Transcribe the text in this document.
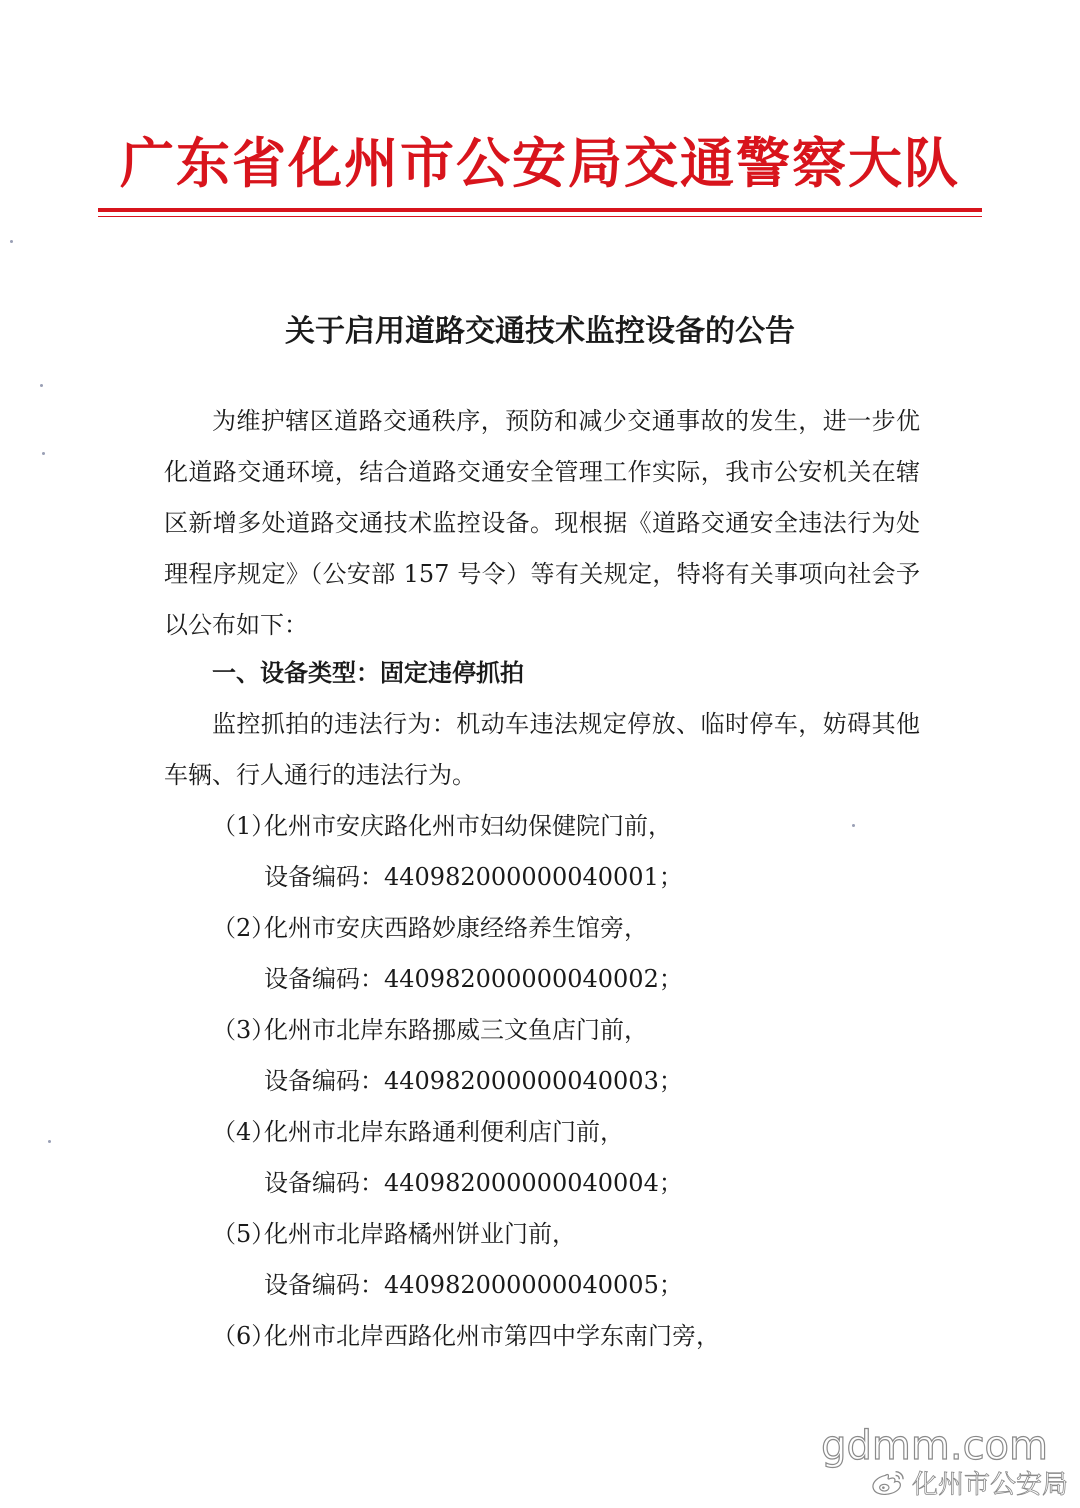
广东省化州市公安局交通警察大队
关于启用道路交通技术监控设备的公告

为维护辖区道路交通秩序，预防和减少交通事故的发生，进一步优化道路交通环境，结合道路交通安全管理工作实际，我市公安机关在辖区新增多处道路交通技术监控设备。现根据《道路交通安全违法行为处理程序规定》（公安部 157 号令）等有关规定，特将有关事项向社会予以公布如下：

一、设备类型：固定违停抓拍

监控抓拍的违法行为：机动车违法规定停放、临时停车，妨碍其他车辆、行人通行的违法行为。

（1）化州市安庆路化州市妇幼保健院门前，
设备编码：440982000000040001；
（2）化州市安庆西路妙康经络养生馆旁，
设备编码：440982000000040002；
（3）化州市北岸东路挪威三文鱼店门前，
设备编码：440982000000040003；
（4）化州市北岸东路通利便利店门前，
设备编码：440982000000040004；
（5）化州市北岸路橘州饼业门前，
设备编码：440982000000040005；
（6）化州市北岸西路化州市第四中学东南门旁，
gdmm.com
化州市公安局
